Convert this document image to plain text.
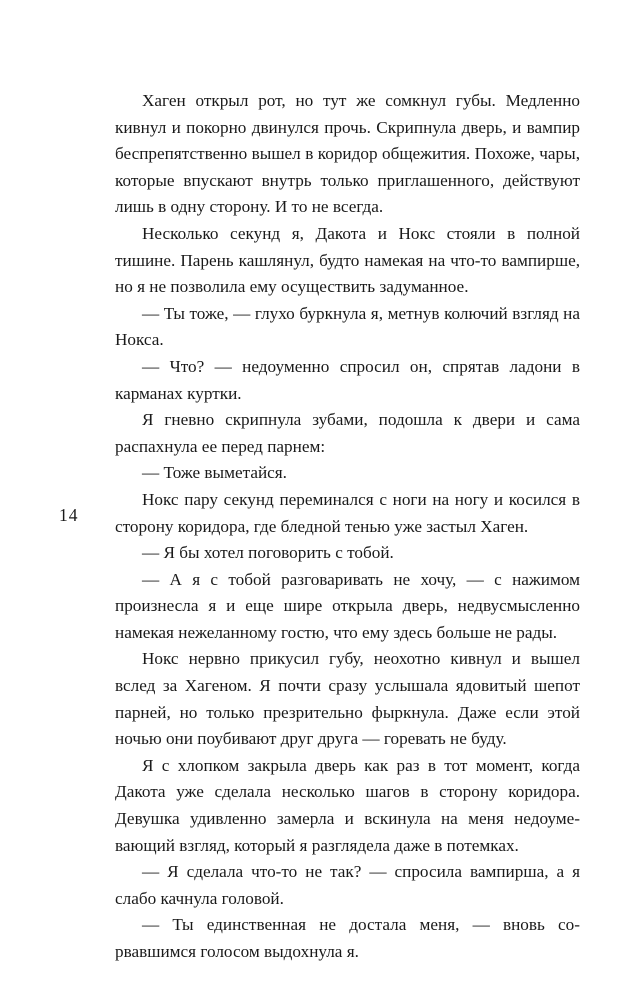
14

Хаген открыл рот, но тут же сомкнул губы. Медленно кивнул и покорно двинулся прочь. Скрипнула дверь, и вампир беспрепятственно вышел в коридор общежития. Похоже, чары, которые впускают внутрь только приглашенного, действуют лишь в одну сторону. И то не всегда.

Несколько секунд я, Дакота и Нокс стояли в полной тишине. Парень кашлянул, будто намекая на что-то вампирше, но я не позволила ему осуществить задуманное.

— Ты тоже, — глухо буркнула я, метнув колючий взгляд на Нокса.

— Что? — недоуменно спросил он, спрятав ладони в карманах куртки.

Я гневно скрипнула зубами, подошла к двери и сама распахнула ее перед парнем:

— Тоже выметайся.

Нокс пару секунд переминался с ноги на ногу и косился в сторону коридора, где бледной тенью уже застыл Хаген.

— Я бы хотел поговорить с тобой.

— А я с тобой разговаривать не хочу, — с нажимом произнесла я и еще шире открыла дверь, недвусмысленно намекая нежеланному гостю, что ему здесь больше не рады.

Нокс нервно прикусил губу, неохотно кивнул и вышел вслед за Хагеном. Я почти сразу услышала ядовитый шепот парней, но только презрительно фыркнула. Даже если этой ночью они поубивают друг друга — горевать не буду.

Я с хлопком закрыла дверь как раз в тот момент, когда Дакота уже сделала несколько шагов в сторону коридора. Девушка удивленно замерла и вскинула на меня недоумевающий взгляд, который я разглядела даже в потемках.

— Я сделала что-то не так? — спросила вампирша, а я слабо качнула головой.

— Ты единственная не достала меня, — вновь сорвавшимся голосом выдохнула я.
